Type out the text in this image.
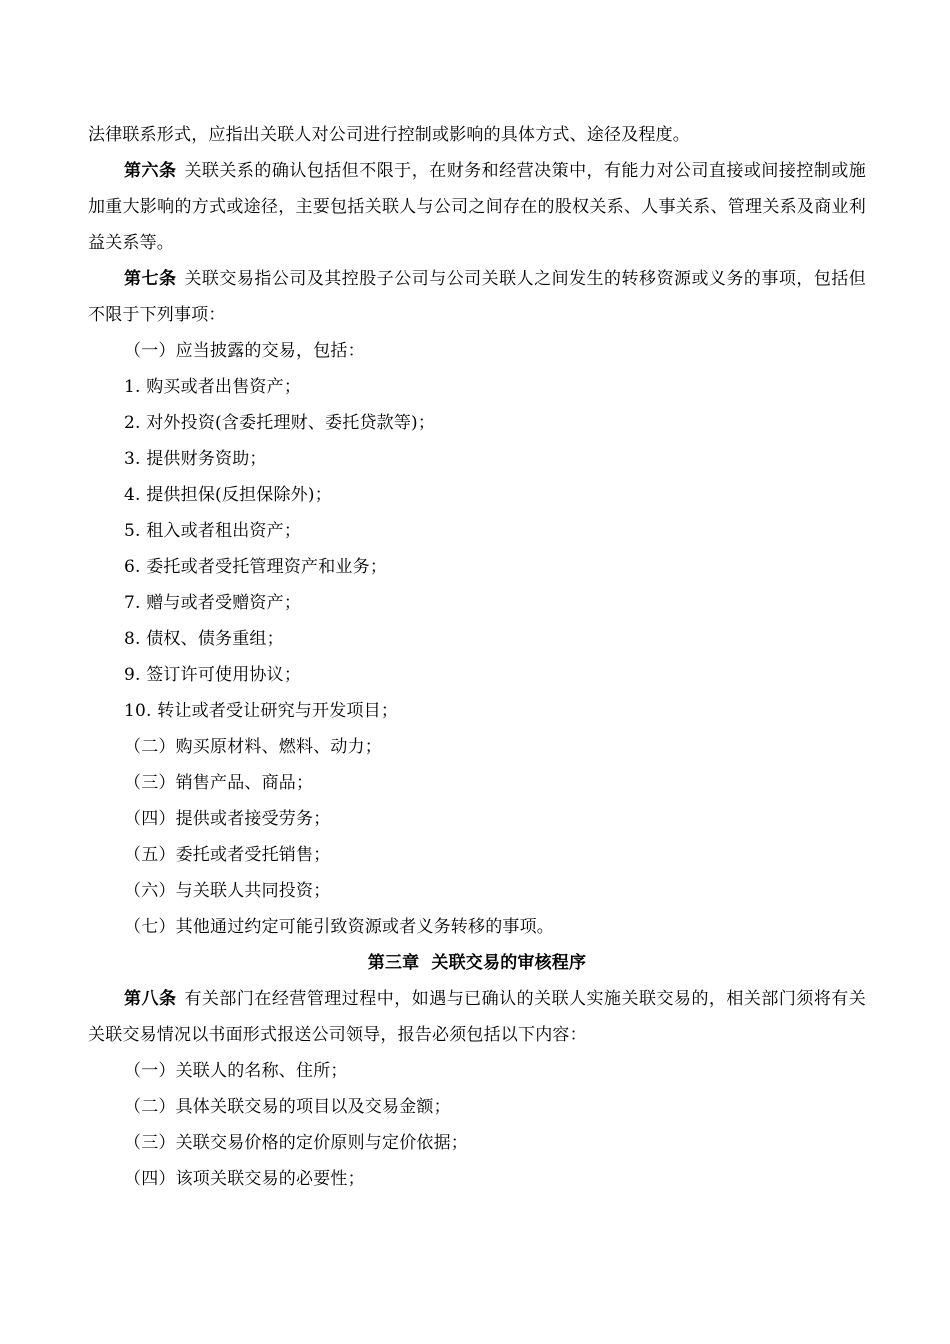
法律联系形式，应指出关联人对公司进行控制或影响的具体方式、途径及程度。

第六条 关联关系的确认包括但不限于，在财务和经营决策中，有能力对公司直接或间接控制或施加重大影响的方式或途径，主要包括关联人与公司之间存在的股权关系、人事关系、管理关系及商业利益关系等。

第七条 关联交易指公司及其控股子公司与公司关联人之间发生的转移资源或义务的事项，包括但不限于下列事项：

（一）应当披露的交易，包括：

1. 购买或者出售资产；

2. 对外投资(含委托理财、委托贷款等)；

3. 提供财务资助；

4. 提供担保(反担保除外)；

5. 租入或者租出资产；

6. 委托或者受托管理资产和业务；

7. 赠与或者受赠资产；

8. 债权、债务重组；

9. 签订许可使用协议；

10. 转让或者受让研究与开发项目；

（二）购买原材料、燃料、动力；

（三）销售产品、商品；

（四）提供或者接受劳务；

（五）委托或者受托销售；

（六）与关联人共同投资；

（七）其他通过约定可能引致资源或者义务转移的事项。

第三章 关联交易的审核程序

第八条 有关部门在经营管理过程中，如遇与已确认的关联人实施关联交易的，相关部门须将有关关联交易情况以书面形式报送公司领导，报告必须包括以下内容：

（一）关联人的名称、住所；

（二）具体关联交易的项目以及交易金额；

（三）关联交易价格的定价原则与定价依据；

（四）该项关联交易的必要性；
